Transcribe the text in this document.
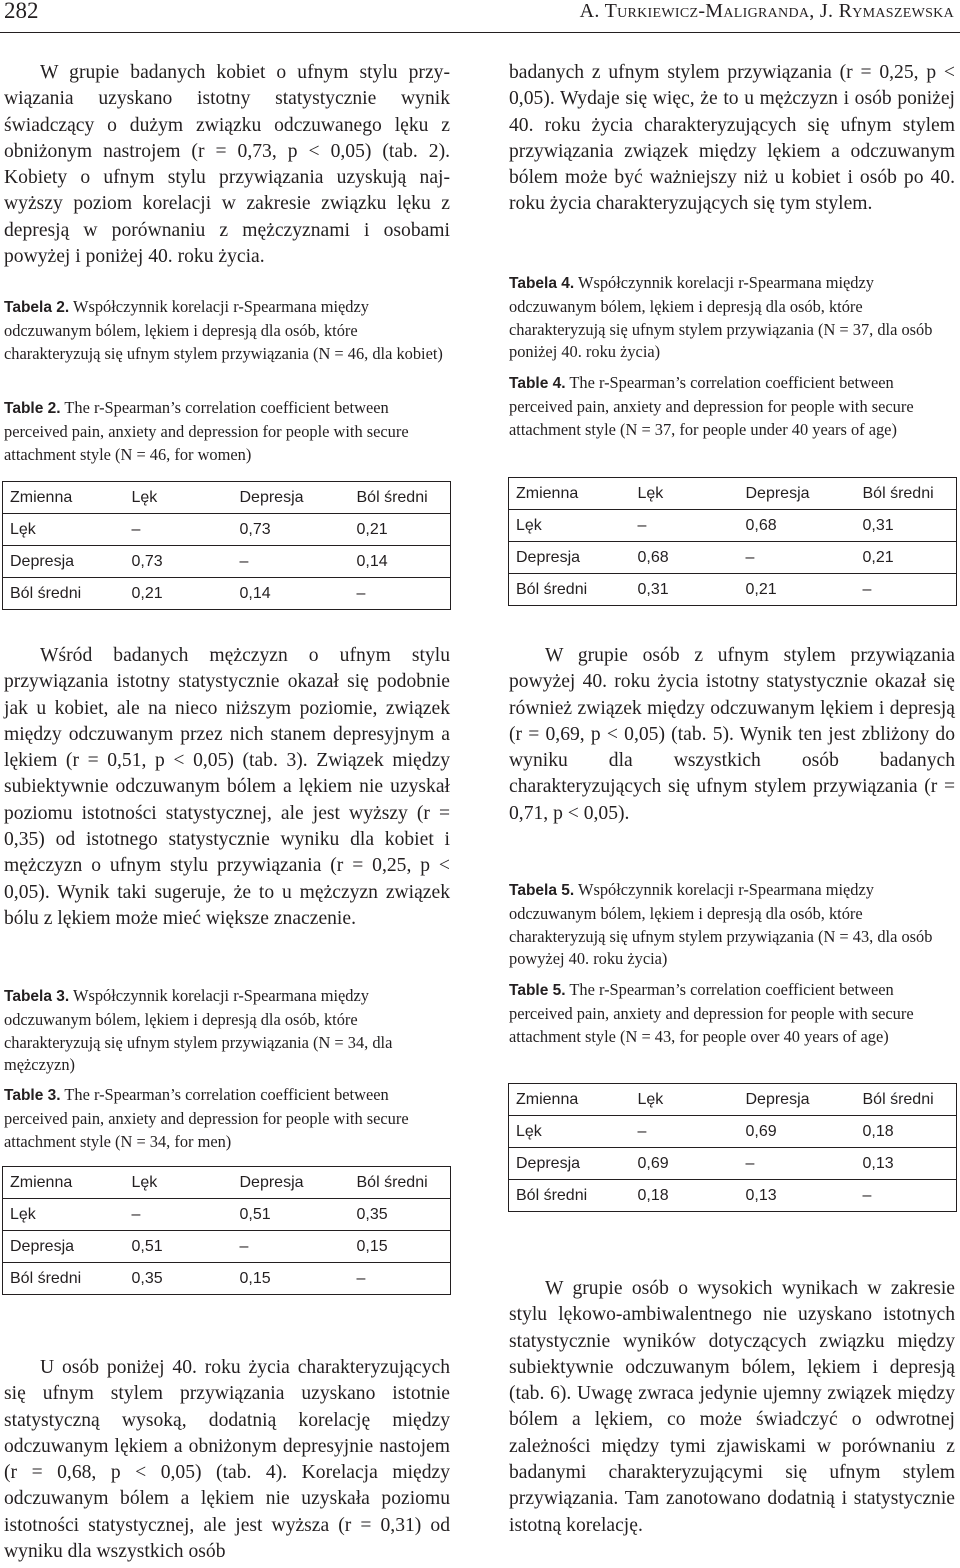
282	A. Turkiewicz-Maligranda, J. Rymaszewska

W grupie badanych kobiet o ufnym stylu przywiązania uzyskano istotny statystycznie wynik świadczący o dużym związku odczuwanego lęku z obniżonym nastrojem (r = 0,73, p < 0,05) (tab. 2). Kobiety o ufnym stylu przywiązania uzyskują najwyższy poziom korelacji w zakresie związku lęku z depresją w porównaniu z mężczyznami i osobami powyżej i poniżej 40. roku życia.

Tabela 2. Współczynnik korelacji r-Spearmana między odczuwanym bólem, lękiem i depresją dla osób, które charakteryzują się ufnym stylem przywiązania (N = 46, dla kobiet)

Table 2. The r-Spearman’s correlation coefficient between perceived pain, anxiety and depression for people with secure attachment style (N = 46, for women)

Zmienna	Lęk	Depresja	Ból średni
Lęk	–	0,73	0,21
Depresja	0,73	–	0,14
Ból średni	0,21	0,14	–

Wśród badanych mężczyzn o ufnym stylu przywiązania istotny statystycznie okazał się podobnie jak u kobiet, ale na nieco niższym poziomie, związek między odczuwanym przez nich stanem depresyjnym a lękiem (r = 0,51, p < 0,05) (tab. 3). Związek między subiektywnie odczuwanym bólem a lękiem nie uzyskał poziomu istotności statystycznej, ale jest wyższy (r = 0,35) od istotnego statystycznie wyniku dla kobiet i mężczyzn o ufnym stylu przywiązania (r = 0,25, p < 0,05). Wynik taki sugeruje, że to u mężczyzn związek bólu z lękiem może mieć większe znaczenie.

Tabela 3. Współczynnik korelacji r-Spearmana między odczuwanym bólem, lękiem i depresją dla osób, które charakteryzują się ufnym stylem przywiązania (N = 34, dla mężczyzn)

Table 3. The r-Spearman’s correlation coefficient between perceived pain, anxiety and depression for people with secure attachment style (N = 34, for men)

Zmienna	Lęk	Depresja	Ból średni
Lęk	–	0,51	0,35
Depresja	0,51	–	0,15
Ból średni	0,35	0,15	–

U osób poniżej 40. roku życia charakteryzujących się ufnym stylem przywiązania uzyskano istotnie statystyczną wysoką, dodatnią korelację między odczuwanym lękiem a obniżonym depresyjnie nastojem (r = 0,68, p < 0,05) (tab. 4). Korelacja między odczuwanym bólem a lękiem nie uzyskała poziomu istotności statystycznej, ale jest wyższa (r = 0,31) od wyniku dla wszystkich osób

badanych z ufnym stylem przywiązania (r = 0,25, p < 0,05). Wydaje się więc, że to u mężczyzn i osób poniżej 40. roku życia charakteryzujących się ufnym stylem przywiązania związek między lękiem a odczuwanym bólem może być ważniejszy niż u kobiet i osób po 40. roku życia charakteryzujących się tym stylem.

Tabela 4. Współczynnik korelacji r-Spearmana między odczuwanym bólem, lękiem i depresją dla osób, które charakteryzują się ufnym stylem przywiązania (N = 37, dla osób poniżej 40. roku życia)

Table 4. The r-Spearman’s correlation coefficient between perceived pain, anxiety and depression for people with secure attachment style (N = 37, for people under 40 years of age)

Zmienna	Lęk	Depresja	Ból średni
Lęk	–	0,68	0,31
Depresja	0,68	–	0,21
Ból średni	0,31	0,21	–

W grupie osób z ufnym stylem przywiązania powyżej 40. roku życia istotny statystycznie okazał się również związek między odczuwanym lękiem i depresją (r = 0,69, p < 0,05) (tab. 5). Wynik ten jest zbliżony do wyniku dla wszystkich osób badanych charakteryzujących się ufnym stylem przywiązania (r = 0,71, p < 0,05).

Tabela 5. Współczynnik korelacji r-Spearmana między odczuwanym bólem, lękiem i depresją dla osób, które charakteryzują się ufnym stylem przywiązania (N = 43, dla osób powyżej 40. roku życia)

Table 5. The r-Spearman’s correlation coefficient between perceived pain, anxiety and depression for people with secure attachment style (N = 43, for people over 40 years of age)

Zmienna	Lęk	Depresja	Ból średni
Lęk	–	0,69	0,18
Depresja	0,69	–	0,13
Ból średni	0,18	0,13	–

W grupie osób o wysokich wynikach w zakresie stylu lękowo-ambiwalentnego nie uzyskano istotnych statystycznie wyników dotyczących związku między subiektywnie odczuwanym bólem, lękiem i depresją (tab. 6). Uwagę zwraca jedynie ujemny związek między bólem a lękiem, co może świadczyć o odwrotnej zależności między tymi zjawiskami w porównaniu z badanymi charakteryzującymi się ufnym stylem przywiązania. Tam zanotowano dodatnią i statystycznie istotną korelację.
